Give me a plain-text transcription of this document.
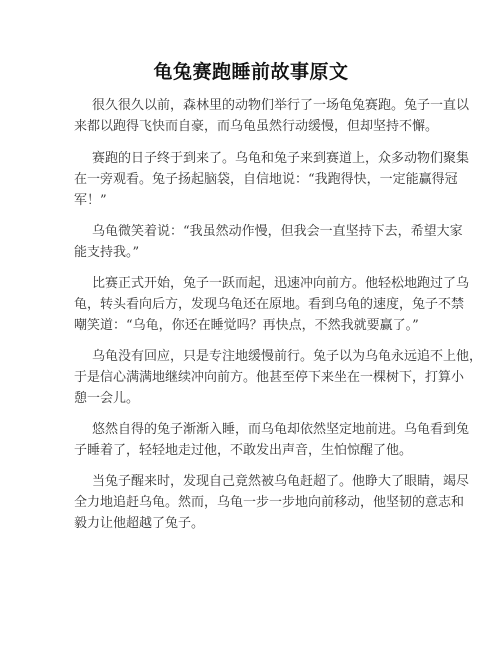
龟兔赛跑睡前故事原文

很久很久以前，森林里的动物们举行了一场龟兔赛跑。兔子一直以
来都以跑得飞快而自豪，而乌龟虽然行动缓慢，但却坚持不懈。

赛跑的日子终于到来了。乌龟和兔子来到赛道上，众多动物们聚集
在一旁观看。兔子扬起脑袋，自信地说：“我跑得快，一定能赢得冠
军！”

乌龟微笑着说：“我虽然动作慢，但我会一直坚持下去，希望大家
能支持我。”

比赛正式开始，兔子一跃而起，迅速冲向前方。他轻松地跑过了乌
龟，转头看向后方，发现乌龟还在原地。看到乌龟的速度，兔子不禁
嘲笑道：“乌龟，你还在睡觉吗？再快点，不然我就要赢了。”

乌龟没有回应，只是专注地缓慢前行。兔子以为乌龟永远追不上他，
于是信心满满地继续冲向前方。他甚至停下来坐在一棵树下，打算小
憩一会儿。

悠然自得的兔子渐渐入睡，而乌龟却依然坚定地前进。乌龟看到兔
子睡着了，轻轻地走过他，不敢发出声音，生怕惊醒了他。

当兔子醒来时，发现自己竟然被乌龟赶超了。他睁大了眼睛，竭尽
全力地追赶乌龟。然而，乌龟一步一步地向前移动，他坚韧的意志和
毅力让他超越了兔子。
